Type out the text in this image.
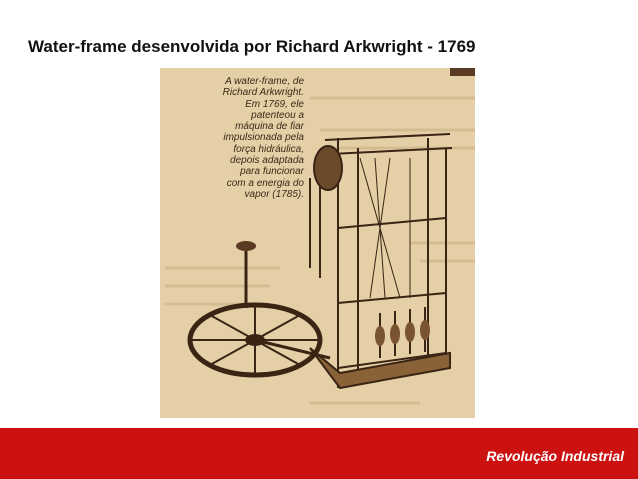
Water-frame desenvolvida por Richard Arkwright - 1769
A water-frame, de
Richard Arkwright.
Em 1769, ele
patenteou a
máquina de fiar
impulsionada pela
força hidráulica,
depois adaptada
para funcionar
com a energia do
vapor (1785).
Revolução Industrial
